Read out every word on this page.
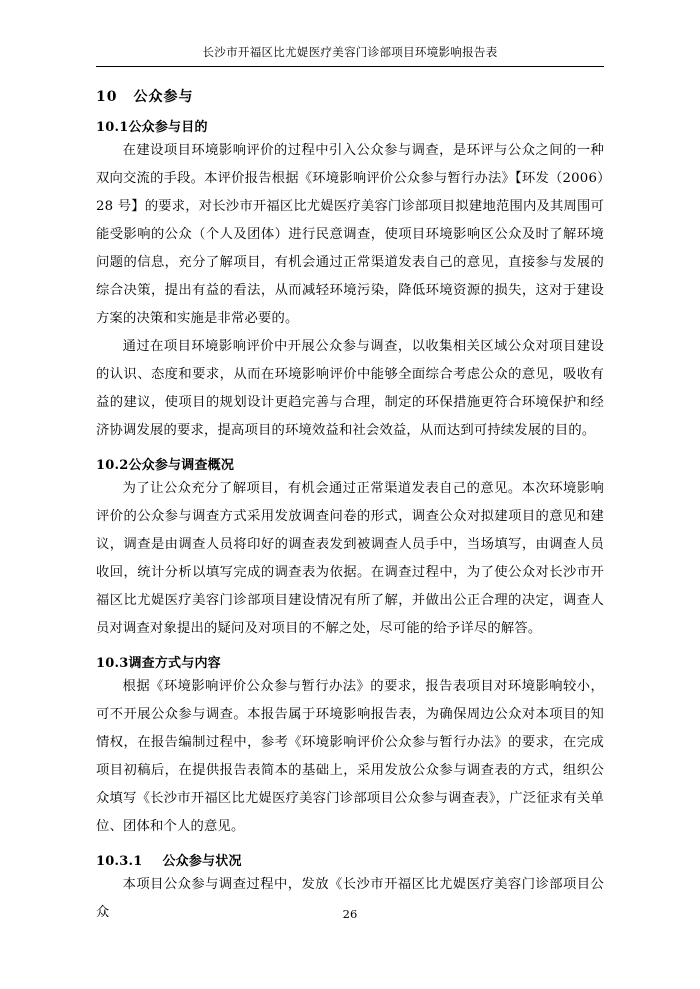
长沙市开福区比尤媞医疗美容门诊部项目环境影响报告表
10 公众参与
10.1公众参与目的

在建设项目环境影响评价的过程中引入公众参与调查，是环评与公众之间的一种双向交流的手段。本评价报告根据《环境影响评价公众参与暂行办法》【环发（2006）28 号】的要求，对长沙市开福区比尤媞医疗美容门诊部项目拟建地范围内及其周围可能受影响的公众（个人及团体）进行民意调查，使项目环境影响区公众及时了解环境问题的信息，充分了解项目，有机会通过正常渠道发表自己的意见，直接参与发展的综合决策，提出有益的看法，从而减轻环境污染，降低环境资源的损失，这对于建设方案的决策和实施是非常必要的。

通过在项目环境影响评价中开展公众参与调查，以收集相关区域公众对项目建设的认识、态度和要求，从而在环境影响评价中能够全面综合考虑公众的意见，吸收有益的建议，使项目的规划设计更趋完善与合理，制定的环保措施更符合环境保护和经济协调发展的要求，提高项目的环境效益和社会效益，从而达到可持续发展的目的。

10.2公众参与调查概况

为了让公众充分了解项目，有机会通过正常渠道发表自己的意见。本次环境影响评价的公众参与调查方式采用发放调查问卷的形式，调查公众对拟建项目的意见和建议，调查是由调查人员将印好的调查表发到被调查人员手中，当场填写，由调查人员收回，统计分析以填写完成的调查表为依据。在调查过程中，为了使公众对长沙市开福区比尤媞医疗美容门诊部项目建设情况有所了解，并做出公正合理的决定，调查人员对调查对象提出的疑问及对项目的不解之处，尽可能的给予详尽的解答。

10.3调查方式与内容

根据《环境影响评价公众参与暂行办法》的要求，报告表项目对环境影响较小，可不开展公众参与调查。本报告属于环境影响报告表，为确保周边公众对本项目的知情权，在报告编制过程中，参考《环境影响评价公众参与暂行办法》的要求，在完成项目初稿后，在提供报告表简本的基础上，采用发放公众参与调查表的方式，组织公众填写《长沙市开福区比尤媞医疗美容门诊部项目公众参与调查表》，广泛征求有关单位、团体和个人的意见。

10.3.1 公众参与状况

本项目公众参与调查过程中，发放《长沙市开福区比尤媞医疗美容门诊部项目公众	26
